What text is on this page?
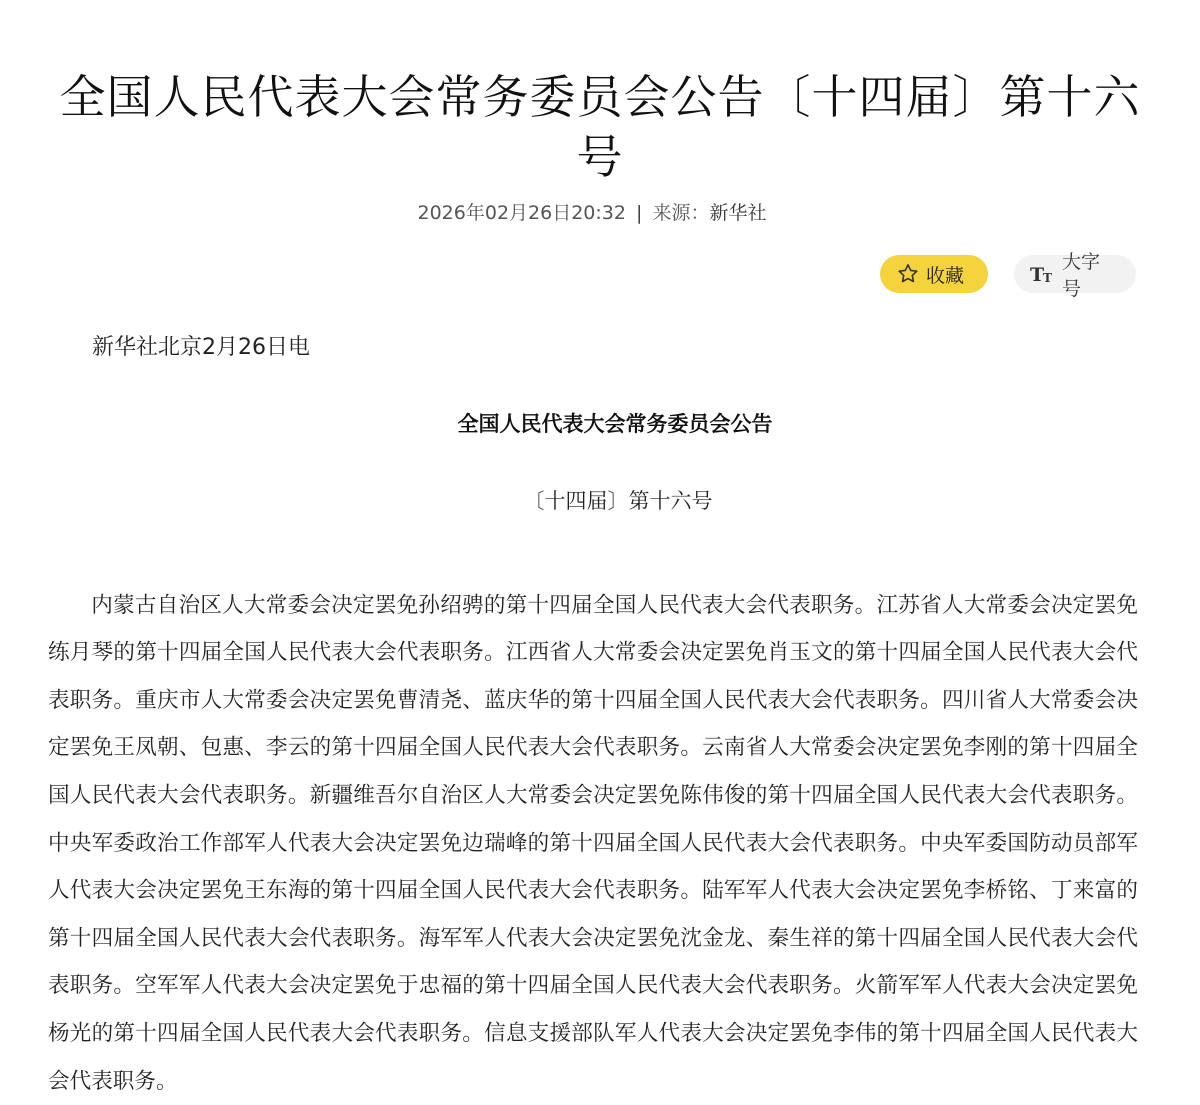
全国人民代表大会常务委员会公告〔十四届〕第十六号
2026年02月26日20:32 | 来源：新华社
收藏	T
T
大字号
新华社北京2月26日电
全国人民代表大会常务委员会公告
〔十四届〕第十六号

内蒙古自治区人大常委会决定罢免孙绍骋的第十四届全国人民代表大会代表职务。江苏省人大常委会决定罢免练月琴的第十四届全国人民代表大会代表职务。江西省人大常委会决定罢免肖玉文的第十四届全国人民代表大会代表职务。重庆市人大常委会决定罢免曹清尧、蓝庆华的第十四届全国人民代表大会代表职务。四川省人大常委会决定罢免王凤朝、包惠、李云的第十四届全国人民代表大会代表职务。云南省人大常委会决定罢免李刚的第十四届全国人民代表大会代表职务。新疆维吾尔自治区人大常委会决定罢免陈伟俊的第十四届全国人民代表大会代表职务。中央军委政治工作部军人代表大会决定罢免边瑞峰的第十四届全国人民代表大会代表职务。中央军委国防动员部军人代表大会决定罢免王东海的第十四届全国人民代表大会代表职务。陆军军人代表大会决定罢免李桥铭、丁来富的第十四届全国人民代表大会代表职务。海军军人代表大会决定罢免沈金龙、秦生祥的第十四届全国人民代表大会代表职务。空军军人代表大会决定罢免于忠福的第十四届全国人民代表大会代表职务。火箭军军人代表大会决定罢免杨光的第十四届全国人民代表大会代表职务。信息支援部队军人代表大会决定罢免李伟的第十四届全国人民代表大会代表职务。
